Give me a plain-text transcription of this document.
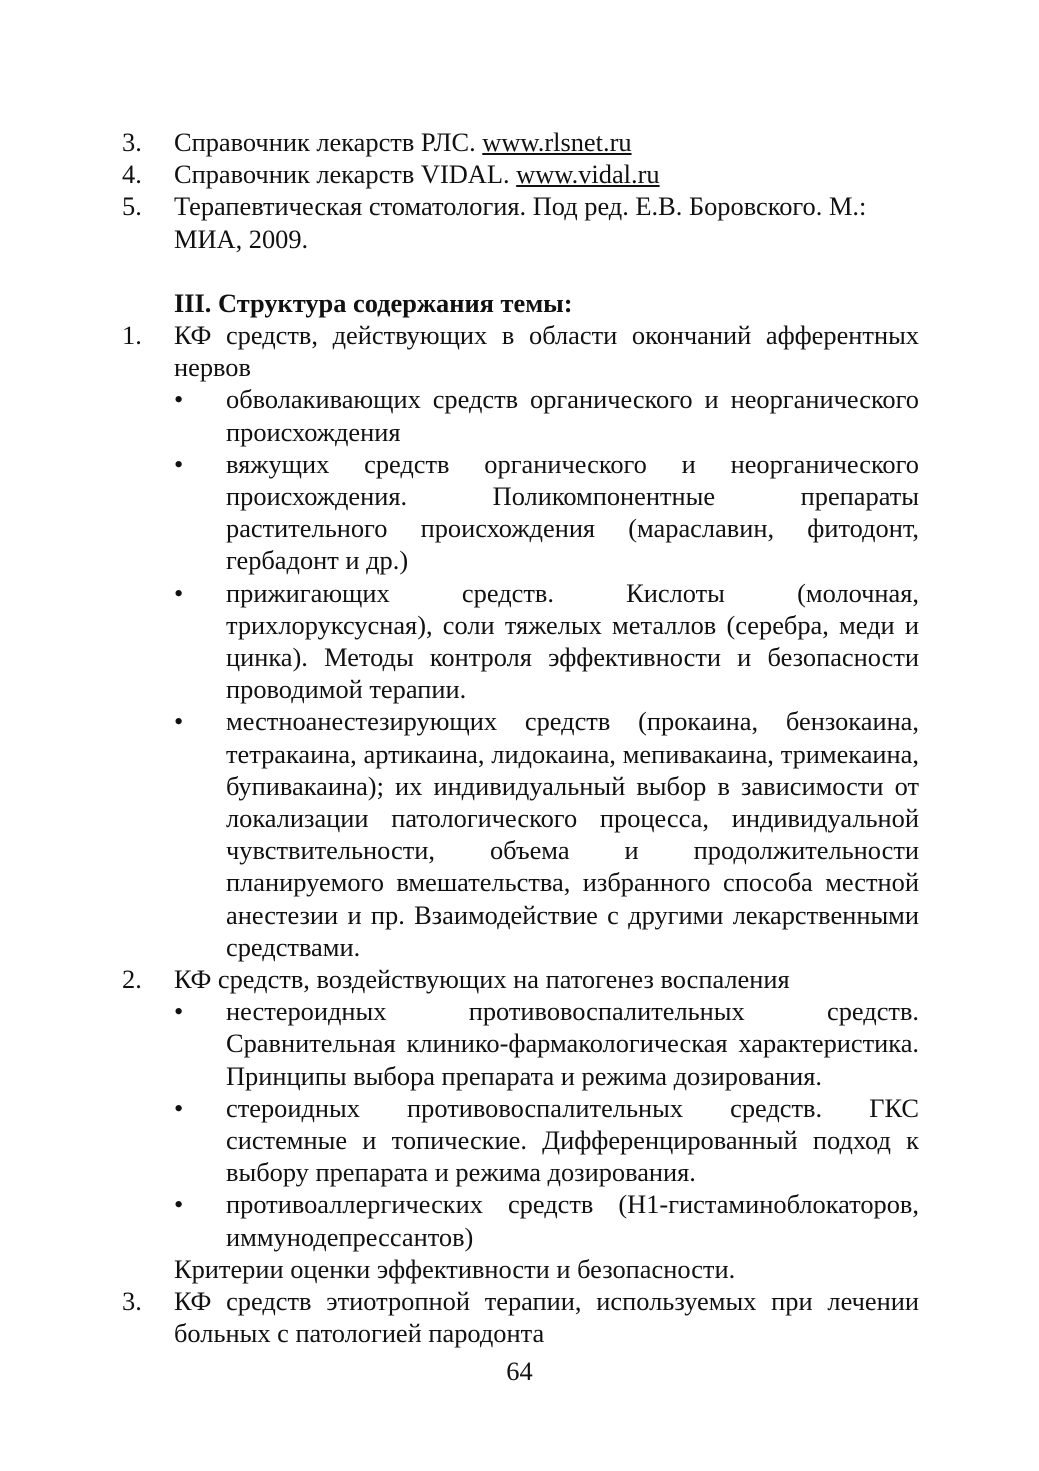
3.	Справочник лекарств РЛС. www.rlsnet.ru
4.	Справочник лекарств VIDAL. www.vidal.ru
5.	Терапевтическая стоматология. Под ред. Е.В. Боровского. М.: МИА, 2009.
III. Структура содержания темы:
1.	КФ средств, действующих в области окончаний афферентных нервов
•	обволакивающих средств органического и неорганического происхождения
•	вяжущих средств органического и неорганического происхождения. Поликомпонентные препараты растительного происхождения (мараславин, фитодонт, гербадонт и др.)
•	прижигающих средств. Кислоты (молочная, трихлоруксусная), соли тяжелых металлов (серебра, меди и цинка). Методы контроля эффективности и безопасности проводимой терапии.
•	местноанестезирующих средств (прокаина, бензокаина, тетракаина, артикаина, лидокаина, мепивакаина, тримекаина, бупивакаина); их индивидуальный выбор в зависимости от локализации патологического процесса, индивидуальной чувствительности, объема и продолжительности планируемого вмешательства, избранного способа местной анестезии и пр. Взаимодействие с другими лекарственными средствами.
2.	КФ средств, воздействующих на патогенез воспаления
•	нестероидных противовоспалительных средств. Сравнительная клинико-фармакологическая характеристика. Принципы выбора препарата и режима дозирования.
•	стероидных противовоспалительных средств. ГКС системные и топические. Дифференцированный подход к выбору препарата и режима дозирования.
•	противоаллергических средств (Н1-гистаминоблокаторов, иммунодепрессантов)
Критерии оценки эффективности и безопасности.
3.	КФ средств этиотропной терапии, используемых при лечении больных с патологией пародонта
64
